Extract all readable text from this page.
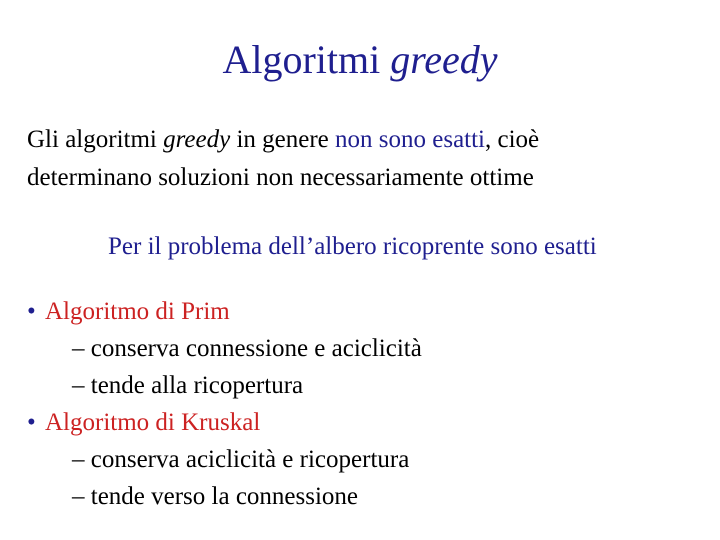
Algoritmi greedy
Gli algoritmi greedy in genere non sono esatti, cioè
determinano soluzioni non necessariamente ottime
Per il problema dell’albero ricoprente sono esatti
• Algoritmo di Prim
– conserva connessione e aciclicità
– tende alla ricopertura
• Algoritmo di Kruskal
– conserva aciclicità e ricopertura
– tende verso la connessione
